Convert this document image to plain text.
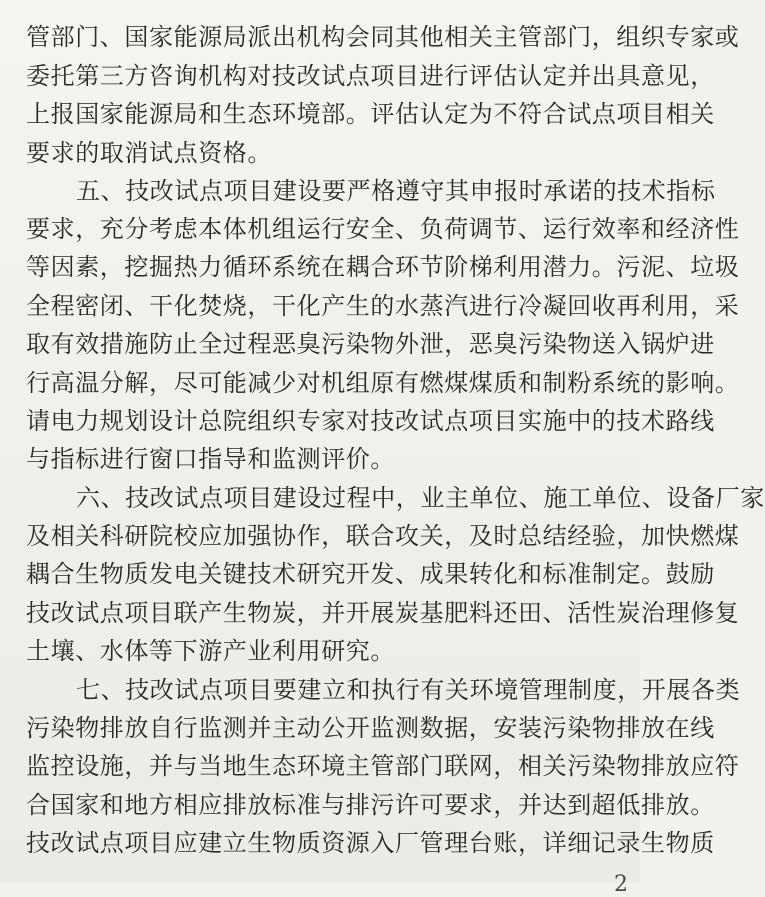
管部门、国家能源局派出机构会同其他相关主管部门，组织专家或
委托第三方咨询机构对技改试点项目进行评估认定并出具意见，
上报国家能源局和生态环境部。评估认定为不符合试点项目相关
要求的取消试点资格。
五、技改试点项目建设要严格遵守其申报时承诺的技术指标
要求，充分考虑本体机组运行安全、负荷调节、运行效率和经济性
等因素，挖掘热力循环系统在耦合环节阶梯利用潜力。污泥、垃圾
全程密闭、干化焚烧，干化产生的水蒸汽进行冷凝回收再利用，采
取有效措施防止全过程恶臭污染物外泄，恶臭污染物送入锅炉进
行高温分解，尽可能减少对机组原有燃煤煤质和制粉系统的影响。
请电力规划设计总院组织专家对技改试点项目实施中的技术路线
与指标进行窗口指导和监测评价。
六、技改试点项目建设过程中，业主单位、施工单位、设备厂家
及相关科研院校应加强协作，联合攻关，及时总结经验，加快燃煤
耦合生物质发电关键技术研究开发、成果转化和标准制定。鼓励
技改试点项目联产生物炭，并开展炭基肥料还田、活性炭治理修复
土壤、水体等下游产业利用研究。
七、技改试点项目要建立和执行有关环境管理制度，开展各类
污染物排放自行监测并主动公开监测数据，安装污染物排放在线
监控设施，并与当地生态环境主管部门联网，相关污染物排放应符
合国家和地方相应排放标准与排污许可要求，并达到超低排放。
技改试点项目应建立生物质资源入厂管理台账，详细记录生物质
2
